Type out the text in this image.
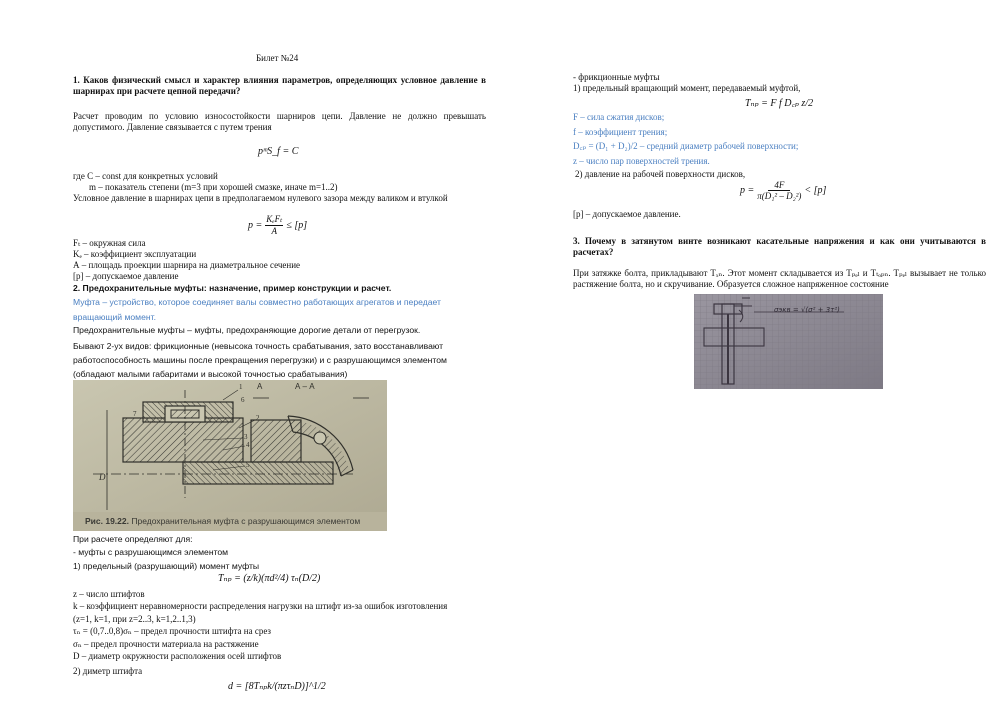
Билет №24
1. Каков физический смысл и характер влияния параметров, определяющих условное давление в шарнирах при расчете цепной передачи?
Расчет проводим по условию износостойкости шарниров цепи. Давление не должно превышать допустимого. Давление связывается с путем трения
pᵐS_f = C
где С – const для конкретных условий
m – показатель степени (m=3 при хорошей смазке, иначе m=1..2)
Условное давление в шарнирах цепи в предполагаемом нулевого зазора между валиком и втулкой
p =
KₑFₜ
A
≤ [p]
Fₜ – окружная сила
Kₑ – коэффициент эксплуатации
А – площадь проекции шарнира на диаметральное сечение
[p] – допускаемое давление
2. Предохранительные муфты: назначение, пример конструкции и расчет.
Муфта – устройство, которое соединяет валы совместно работающих агрегатов и передает вращающий момент.
Предохранительные муфты – муфты, предохраняющие дорогие детали от перегрузок.
Бывают 2-ух видов: фрикционные (невысока точность срабатывания, зато восстанавливают работоспособность машины после прекращения перегрузки) и с разрушающимся элементом (обладают малыми габаритами и высокой точностью срабатывания)
А – А
А
D
1
2
3
4
5
6
7
Рис. 19.22. Предохранительная муфта с разрушающимся элементом
При расчете определяют для:
- муфты с разрушающимся элементом
1) предельный (разрушающий) момент муфты
Tₙₚ = (z/k)(πd²/4) τₙ(D/2)
z – число штифтов
k – коэффициент неравномерности распределения нагрузки на штифт из-за ошибок изготовления
(z=1, k=1, при z=2..3, k=1,2..1,3)
τₙ = (0,7..0,8)σₙ – предел прочности штифта на срез
σₙ – предел прочности материала на растяжение
D – диаметр окружности расположения осей штифтов
2) диметр штифта
d = [8Tₙₚk/(πzτₙD)]^1/2
- фрикционные муфты
1) предельный вращающий момент, передаваемый муфтой,
Tₙₚ = F f D꜀ₚ z/2
F – сила сжатия дисков;
f – коэффициент трения;
D꜀ₚ = (D₁ + D₂)/2 – средний диаметр рабочей поверхности;
z – число пар поверхностей трения.
2) давление на рабочей поверхности дисков,
$p = \frac{4F}{\text{π(D₁² – D₂²)}} < [p]$
[p] – допускаемое давление.
3. Почему в затянутом винте возникают касательные напряжения и как они учитываются в расчетах?
При затяжке болта, прикладывают Tₓₙ. Этот момент складывается из Tₚₑₗ и Tₜₒₚₙ. Tₚₑₗ вызывает не только растяжение болта, но и скручивание. Образуется сложное напряженное состояние
σэкв = √(σ² + 3τ²)
